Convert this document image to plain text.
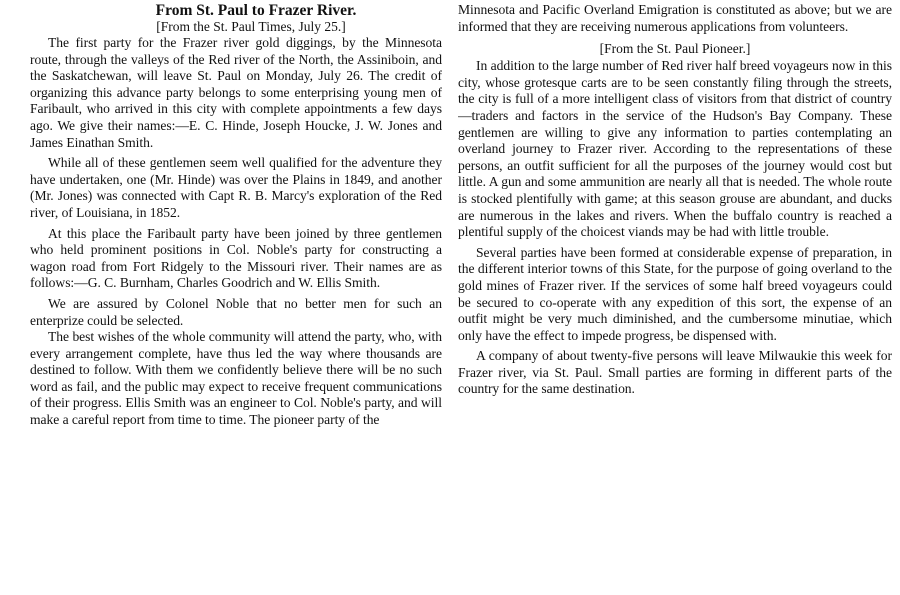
From St. Paul to Frazer River.
[From the St. Paul Times, July 25.]

The first party for the Frazer river gold diggings, by the Minnesota route, through the valleys of the Red river of the North, the Assiniboin, and the Saskatchewan, will leave St. Paul on Monday, July 26. The credit of organizing this advance party belongs to some enterprising young men of Faribault, who arrived in this city with complete appointments a few days ago. We give their names:—E. C. Hinde, Joseph Houcke, J. W. Jones and James Einathan Smith.

While all of these gentlemen seem well qualified for the adventure they have undertaken, one (Mr. Hinde) was over the Plains in 1849, and another (Mr. Jones) was connected with Capt R. B. Marcy's exploration of the Red river, of Louisiana, in 1852.

At this place the Faribault party have been joined by three gentlemen who held prominent positions in Col. Noble's party for constructing a wagon road from Fort Ridgely to the Missouri river. Their names are as follows:—G. C. Burnham, Charles Goodrich and W. Ellis Smith.

We are assured by Colonel Noble that no better men for such an enterprize could be selected.

The best wishes of the whole community will attend the party, who, with every arrangement complete, have thus led the way where thousands are destined to follow. With them we confidently believe there will be no such word as fail, and the public may expect to receive frequent communications of their progress. Ellis Smith was an engineer to Col. Noble's party, and will make a careful report from time to time. The pioneer party of the

Minnesota and Pacific Overland Emigration is constituted as above; but we are informed that they are receiving numerous applications from volunteers.

[From the St. Paul Pioneer.]

In addition to the large number of Red river half breed voyageurs now in this city, whose grotesque carts are to be seen constantly filing through the streets, the city is full of a more intelligent class of visitors from that district of country—traders and factors in the service of the Hudson's Bay Company. These gentlemen are willing to give any information to parties contemplating an overland journey to Frazer river. According to the representations of these persons, an outfit sufficient for all the purposes of the journey would cost but little. A gun and some ammunition are nearly all that is needed. The whole route is stocked plentifully with game; at this season grouse are abundant, and ducks are numerous in the lakes and rivers. When the buffalo country is reached a plentiful supply of the choicest viands may be had with little trouble.

Several parties have been formed at considerable expense of preparation, in the different interior towns of this State, for the purpose of going overland to the gold mines of Frazer river. If the services of some half breed voyageurs could be secured to co-operate with any expedition of this sort, the expense of an outfit might be very much diminished, and the cumbersome minutiae, which only have the effect to impede progress, be dispensed with.

A company of about twenty-five persons will leave Milwaukie this week for Frazer river, via St. Paul. Small parties are forming in different parts of the country for the same destination.
